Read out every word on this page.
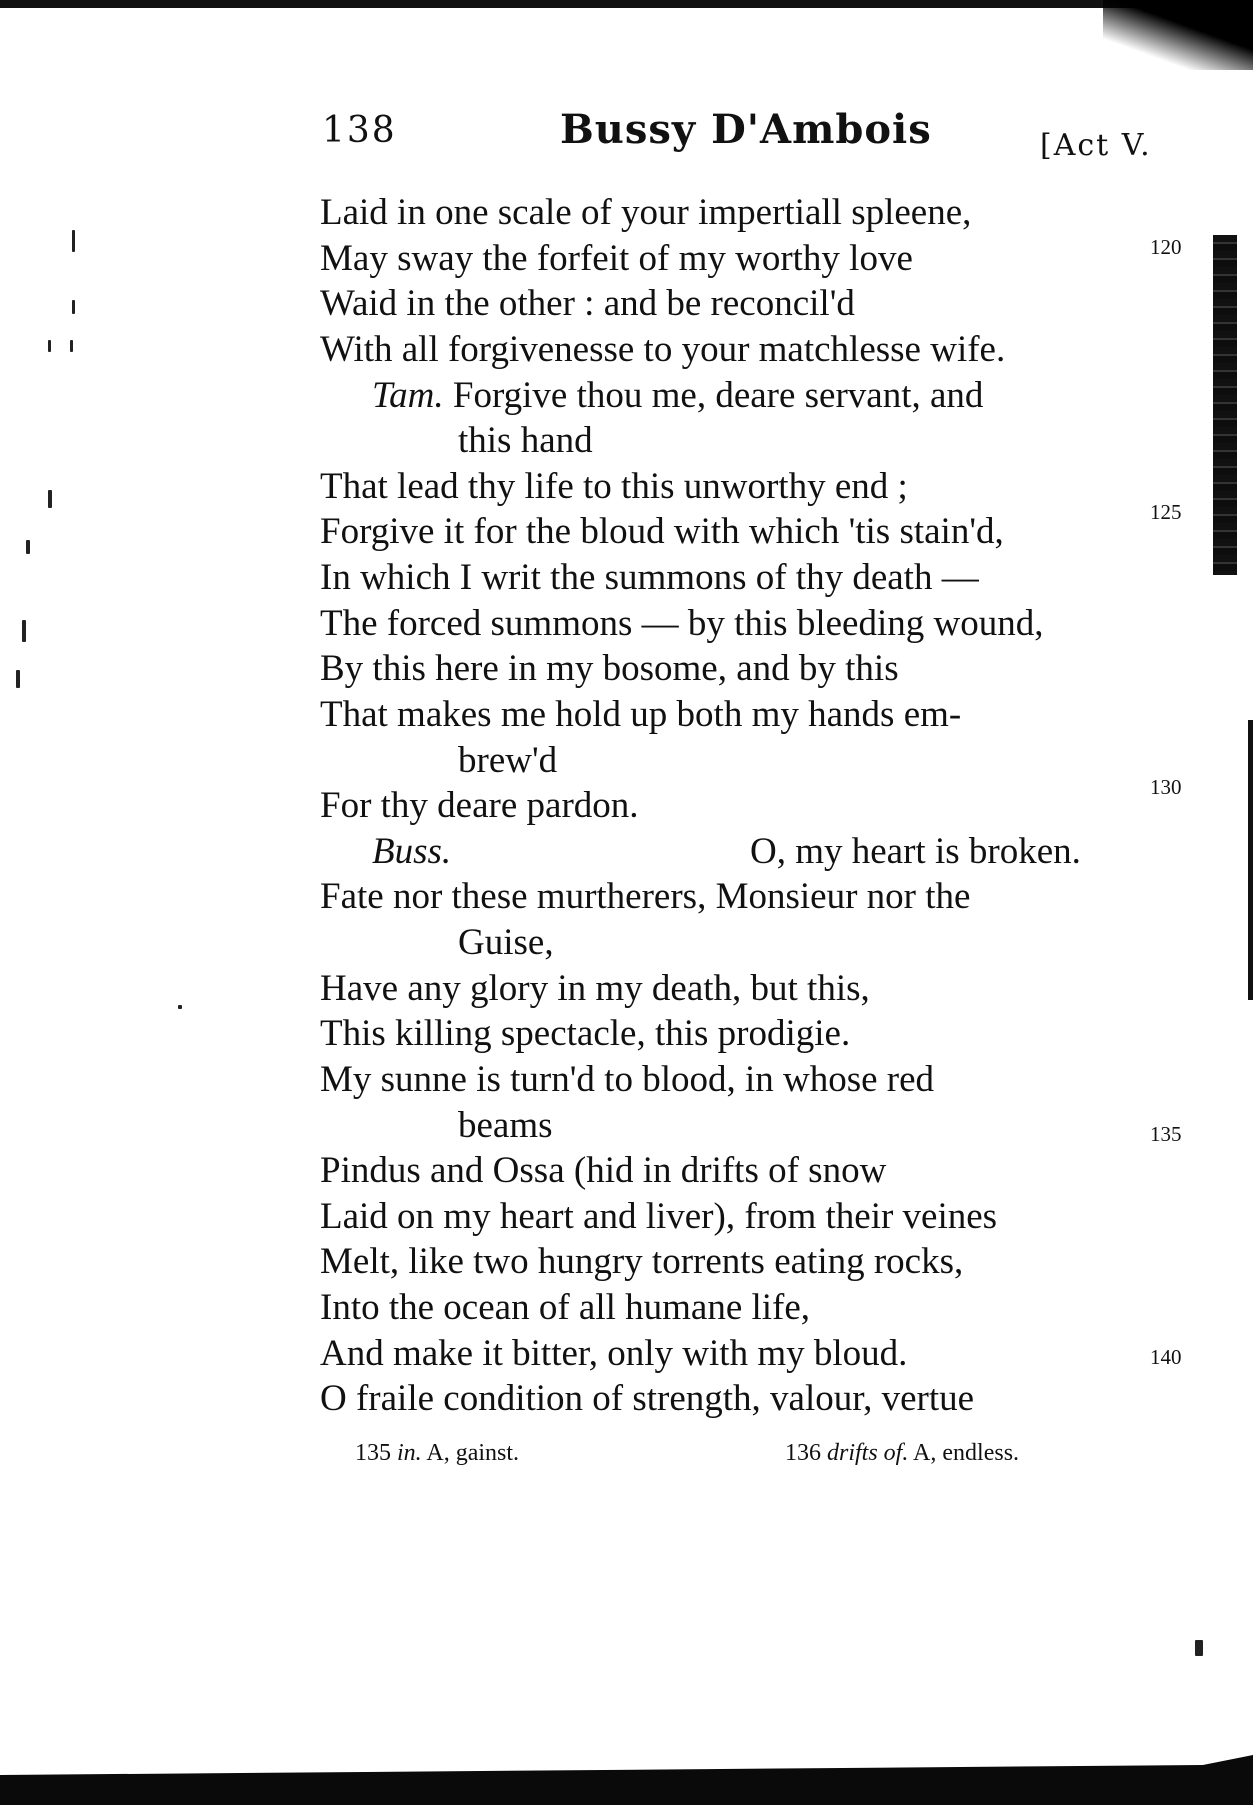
138	Bussy D'Ambois	[Act V.
Laid in one scale of your impertiall spleene,
May sway the forfeit of my worthy love
Waid in the other : and be reconcil'd
With all forgivenesse to your matchlesse wife.
Tam. Forgive thou me, deare servant, and
this hand
That lead thy life to this unworthy end ;
Forgive it for the bloud with which 'tis stain'd,
In which I writ the summons of thy death —
The forced summons — by this bleeding wound,
By this here in my bosome, and by this
That makes me hold up both my hands em-
brew'd
For thy deare pardon.
Buss.	O, my heart is broken.
Fate nor these murtherers, Monsieur nor the
Guise,
Have any glory in my death, but this,
This killing spectacle, this prodigie.
My sunne is turn'd to blood, in whose red
beams
Pindus and Ossa (hid in drifts of snow
Laid on my heart and liver), from their veines
Melt, like two hungry torrents eating rocks,
Into the ocean of all humane life,
And make it bitter, only with my bloud.
O fraile condition of strength, valour, vertue
120
125
130
135
140
135 in. A, gainst.	136 drifts of. A, endless.
